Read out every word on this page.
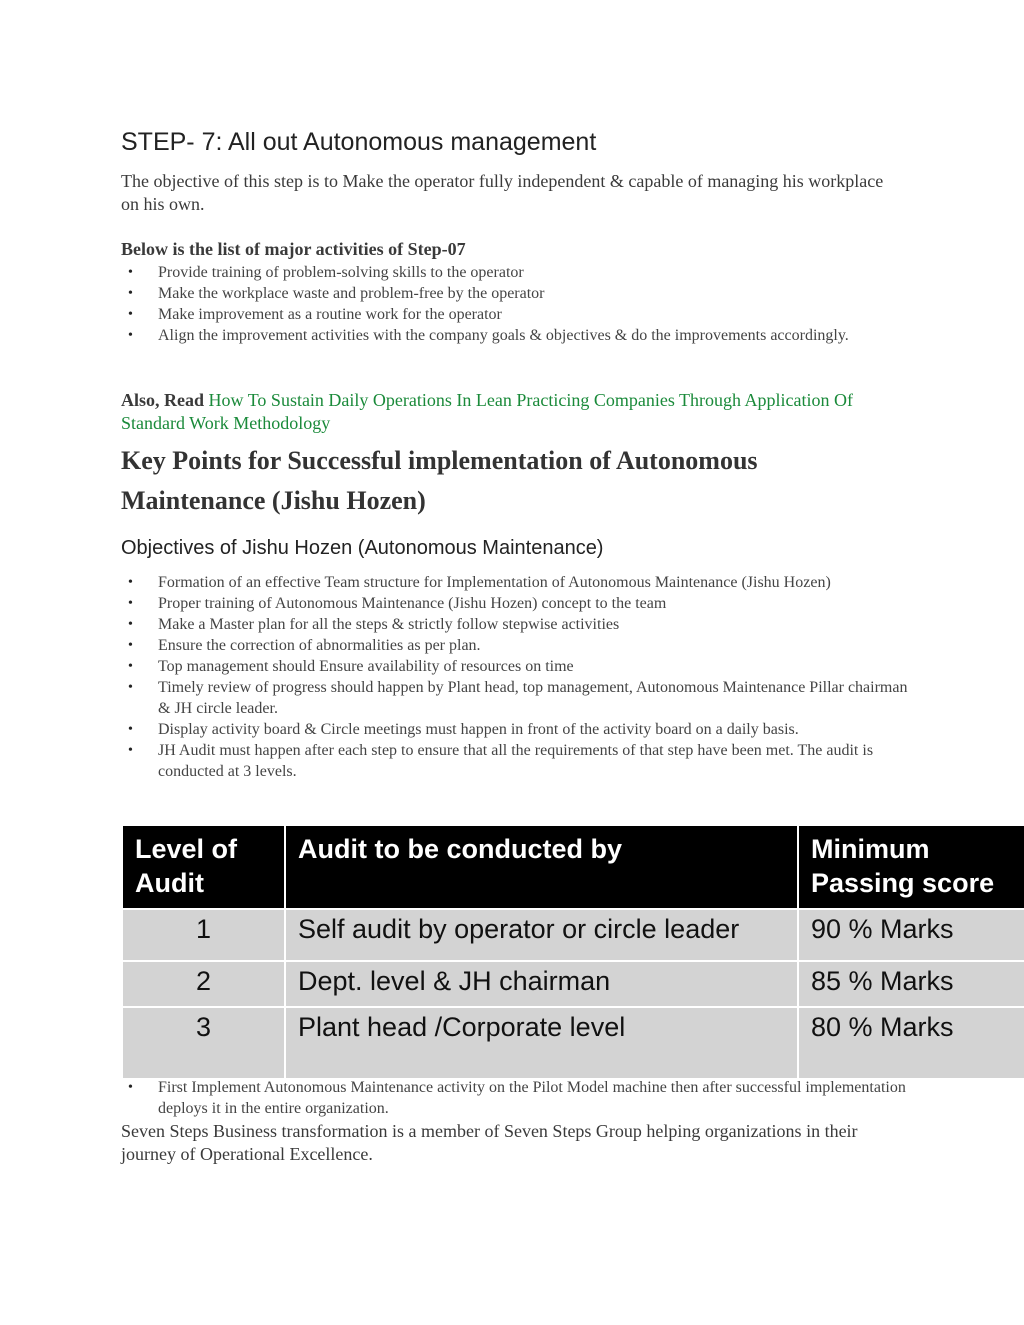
STEP- 7: All out Autonomous management

The objective of this step is to Make the operator fully independent & capable of managing his workplace on his own.

Below is the list of major activities of Step-07

• Provide training of problem-solving skills to the operator
• Make the workplace waste and problem-free by the operator
• Make improvement as a routine work for the operator
• Align the improvement activities with the company goals & objectives & do the improvements accordingly.

Also, Read How To Sustain Daily Operations In Lean Practicing Companies Through Application Of Standard Work Methodology

Key Points for Successful implementation of Autonomous Maintenance (Jishu Hozen)
Objectives of Jishu Hozen (Autonomous Maintenance)
• Formation of an effective Team structure for Implementation of Autonomous Maintenance (Jishu Hozen)
• Proper training of Autonomous Maintenance (Jishu Hozen) concept to the team
• Make a Master plan for all the steps & strictly follow stepwise activities
• Ensure the correction of abnormalities as per plan.
• Top management should Ensure availability of resources on time
• Timely review of progress should happen by Plant head, top management, Autonomous Maintenance Pillar chairman & JH circle leader.
• Display activity board & Circle meetings must happen in front of the activity board on a daily basis.
• JH Audit must happen after each step to ensure that all the requirements of that step have been met. The audit is conducted at 3 levels.
• First Implement Autonomous Maintenance activity on the Pilot Model machine then after successful implementation deploys it in the entire organization.

Seven Steps Business transformation is a member of Seven Steps Group helping organizations in their journey of Operational Excellence.

Level of Audit	Audit to be conducted by	Minimum Passing score
1	Self audit by operator or circle leader	90 % Marks
2	Dept. level & JH chairman	85 % Marks
3	Plant head /Corporate level	80 % Marks
